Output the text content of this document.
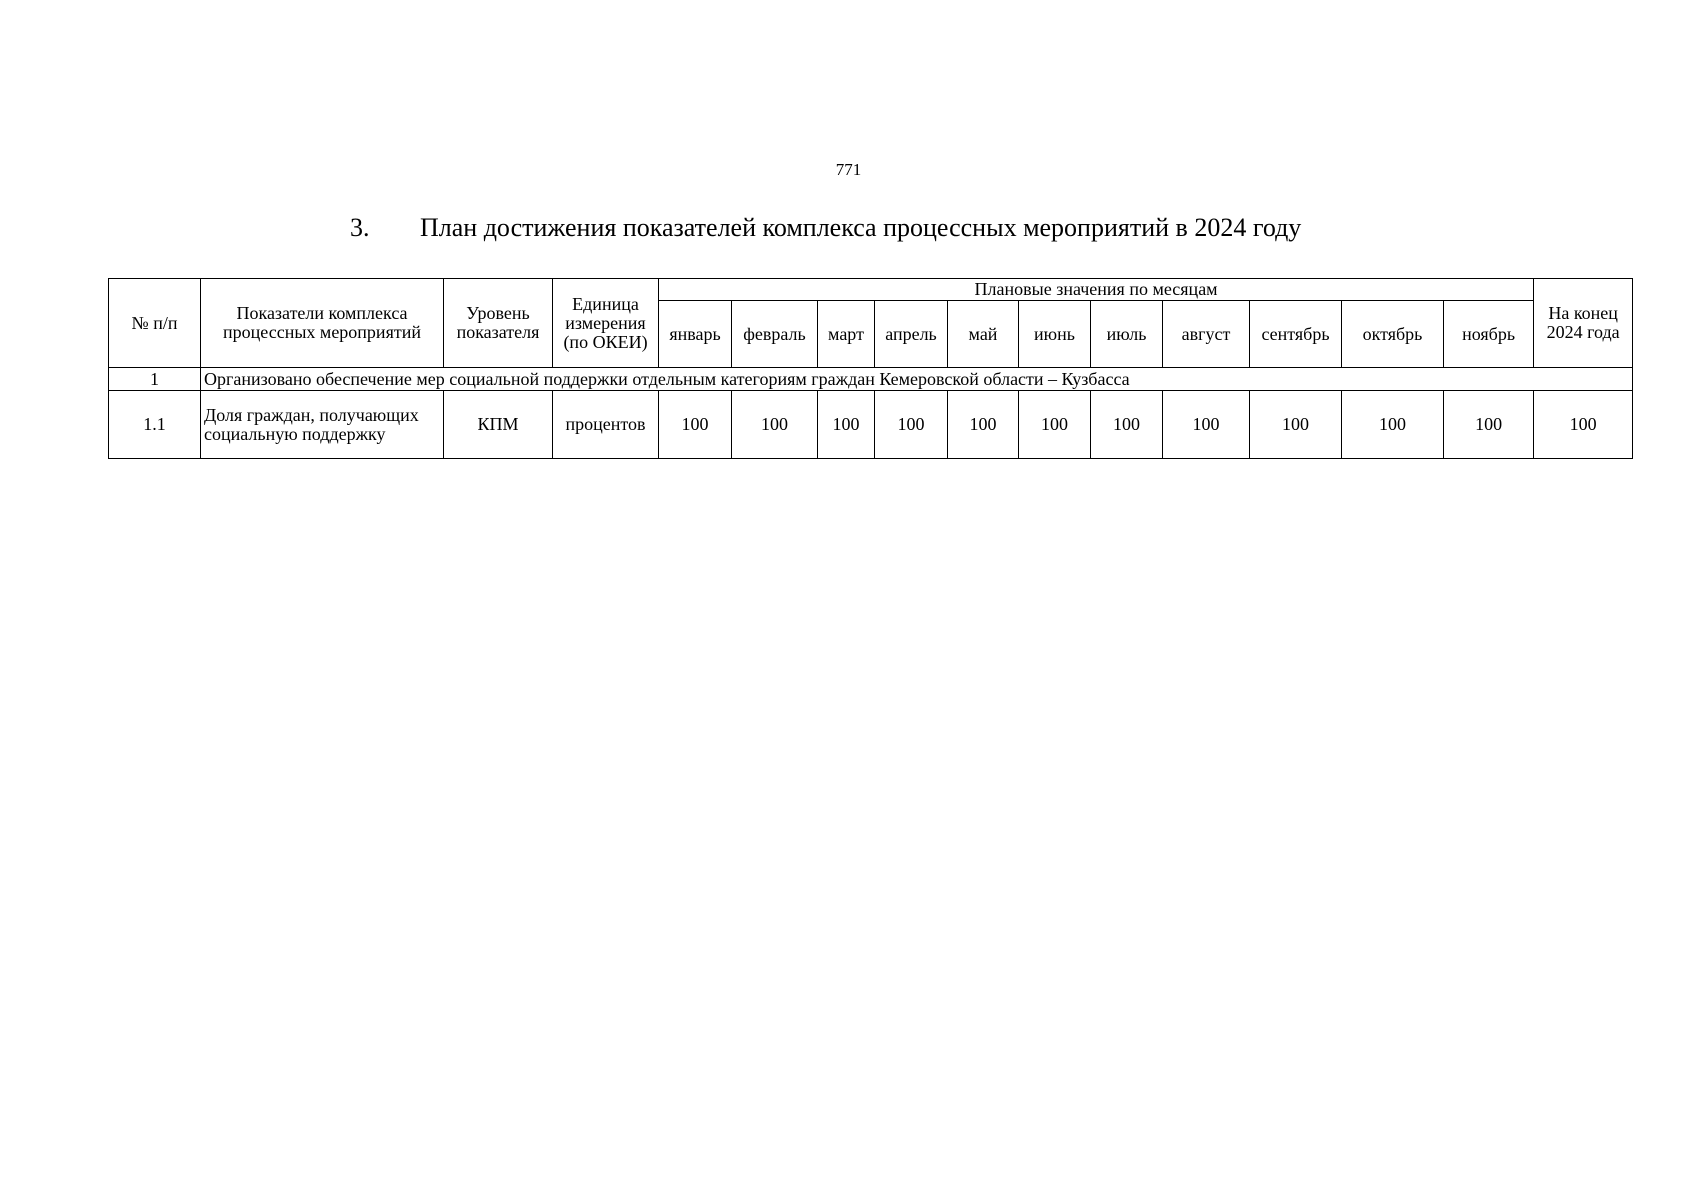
771
3. План достижения показателей комплекса процессных мероприятий в 2024 году
№ п/п	Показатели комплекса процессных мероприятий	Уровень показателя	Единица измерения (по ОКЕИ)	Плановые значения по месяцам											На конец 2024 года
				январь	февраль	март	апрель	май	июнь	июль	август	сентябрь	октябрь	ноябрь	
1	Организовано обеспечение мер социальной поддержки отдельным категориям граждан Кемеровской области – Кузбасса														
1.1	Доля граждан, получающих социальную поддержку	КПМ	процентов	100	100	100	100	100	100	100	100	100	100	100	100
